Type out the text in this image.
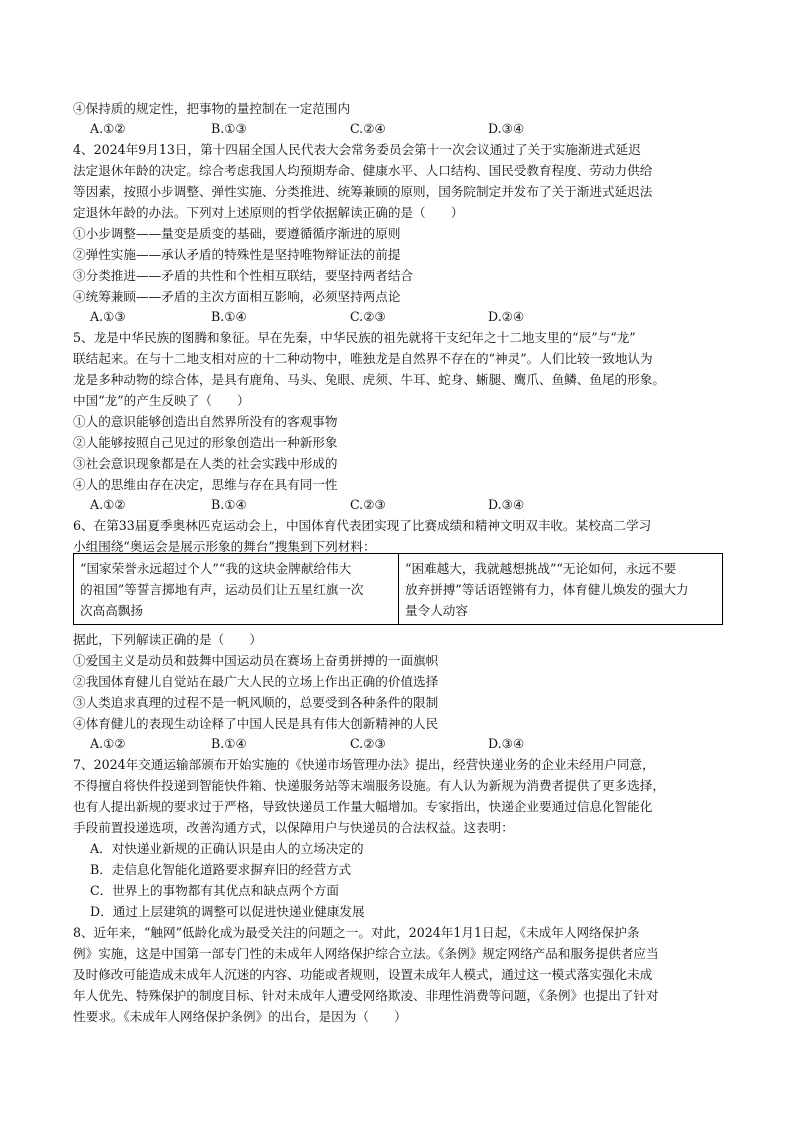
④保持质的规定性，把事物的量控制在一定范围内
A.①②	B.①③	C.②④	D.③④
4、2024年9月13日，第十四届全国人民代表大会常务委员会第十一次会议通过了关于实施渐进式延迟
法定退休年龄的决定。综合考虑我国人均预期寿命、健康水平、人口结构、国民受教育程度、劳动力供给
等因素，按照小步调整、弹性实施、分类推进、统筹兼顾的原则，国务院制定并发布了关于渐进式延迟法
定退休年龄的办法。下列对上述原则的哲学依据解读正确的是（　　）
①小步调整——量变是质变的基础，要遵循循序渐进的原则
②弹性实施——承认矛盾的特殊性是坚持唯物辩证法的前提
③分类推进——矛盾的共性和个性相互联结，要坚持两者结合
④统筹兼顾——矛盾的主次方面相互影响，必须坚持两点论
A.①③	B.①④	C.②③	D.②④
5、龙是中华民族的图腾和象征。早在先秦，中华民族的祖先就将干支纪年之十二地支里的“辰”与“龙”
联结起来。在与十二地支相对应的十二种动物中，唯独龙是自然界不存在的“神灵”。人们比较一致地认为
龙是多种动物的综合体，是具有鹿角、马头、兔眼、虎须、牛耳、蛇身、蜥腿、鹰爪、鱼鳞、鱼尾的形象。
中国“龙”的产生反映了（　　）
①人的意识能够创造出自然界所没有的客观事物
②人能够按照自己见过的形象创造出一种新形象
③社会意识现象都是在人类的社会实践中形成的
④人的思维由存在决定，思维与存在具有同一性
A.①②	B.①④	C.②③	D.③④
6、在第33届夏季奥林匹克运动会上，中国体育代表团实现了比赛成绩和精神文明双丰收。某校高二学习
小组围绕“奥运会是展示形象的舞台”搜集到下列材料：
“国家荣誉永远超过个人”“我的这块金牌献给伟大
的祖国”等誓言掷地有声，运动员们让五星红旗一次
次高高飘扬
“困难越大，我就越想挑战”“无论如何，永远不要
放弃拼搏”等话语铿锵有力，体育健儿焕发的强大力
量令人动容
据此，下列解读正确的是（　　）
①爱国主义是动员和鼓舞中国运动员在赛场上奋勇拼搏的一面旗帜
②我国体育健儿自觉站在最广大人民的立场上作出正确的价值选择
③人类追求真理的过程不是一帆风顺的，总要受到各种条件的限制
④体育健儿的表现生动诠释了中国人民是具有伟大创新精神的人民
A.①②	B.①④	C.②③	D.③④
7、2024年交通运输部颁布开始实施的《快递市场管理办法》提出，经营快递业务的企业未经用户同意，
不得擅自将快件投递到智能快件箱、快递服务站等末端服务设施。有人认为新规为消费者提供了更多选择，
也有人提出新规的要求过于严格，导致快递员工作量大幅增加。专家指出，快递企业要通过信息化智能化
手段前置投递选项，改善沟通方式，以保障用户与快递员的合法权益。这表明：
A．对快递业新规的正确认识是由人的立场决定的
B．走信息化智能化道路要求摒弃旧的经营方式
C．世界上的事物都有其优点和缺点两个方面
D．通过上层建筑的调整可以促进快递业健康发展
8、近年来，“触网”低龄化成为最受关注的问题之一。对此，2024年1月1日起，《未成年人网络保护条
例》实施，这是中国第一部专门性的未成年人网络保护综合立法。《条例》规定网络产品和服务提供者应当
及时修改可能造成未成年人沉迷的内容、功能或者规则，设置未成年人模式，通过这一模式落实强化未成
年人优先、特殊保护的制度目标、针对未成年人遭受网络欺凌、非理性消费等问题，《条例》也提出了针对
性要求。《未成年人网络保护条例》的出台，是因为（　　）
